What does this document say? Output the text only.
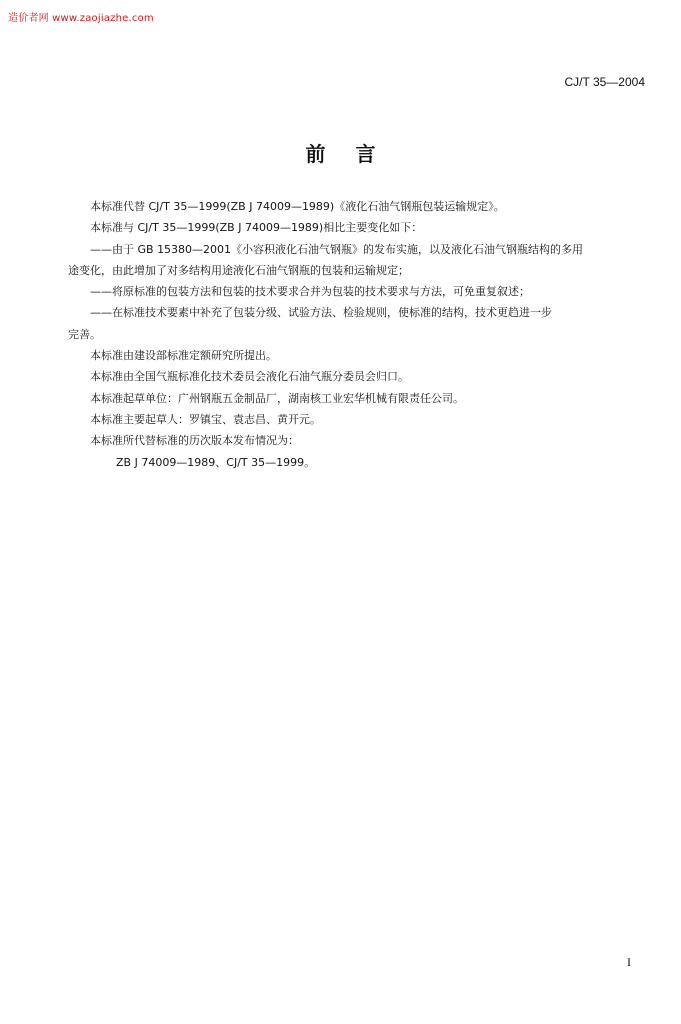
造价者网 www.zaojiazhe.com
CJ/T 35—2004
前言
本标准代替 CJ/T 35—1999(ZB J 74009—1989)《液化石油气钢瓶包装运输规定》。
本标准与 CJ/T 35—1999(ZB J 74009—1989)相比主要变化如下：
——由于 GB 15380—2001《小容积液化石油气钢瓶》的发布实施，以及液化石油气钢瓶结构的多用
途变化，由此增加了对多结构用途液化石油气钢瓶的包装和运输规定；
——将原标准的包装方法和包装的技术要求合并为包装的技术要求与方法，可免重复叙述；
——在标准技术要素中补充了包装分级、试验方法、检验规则，使标准的结构，技术更趋进一步
完善。
本标准由建设部标准定额研究所提出。
本标准由全国气瓶标准化技术委员会液化石油气瓶分委员会归口。
本标准起草单位：广州钢瓶五金制品厂，湖南核工业宏华机械有限责任公司。
本标准主要起草人：罗镇宝、袁志昌、黄开元。
本标准所代替标准的历次版本发布情况为：
ZB J 74009—1989、CJ/T 35—1999。
I
